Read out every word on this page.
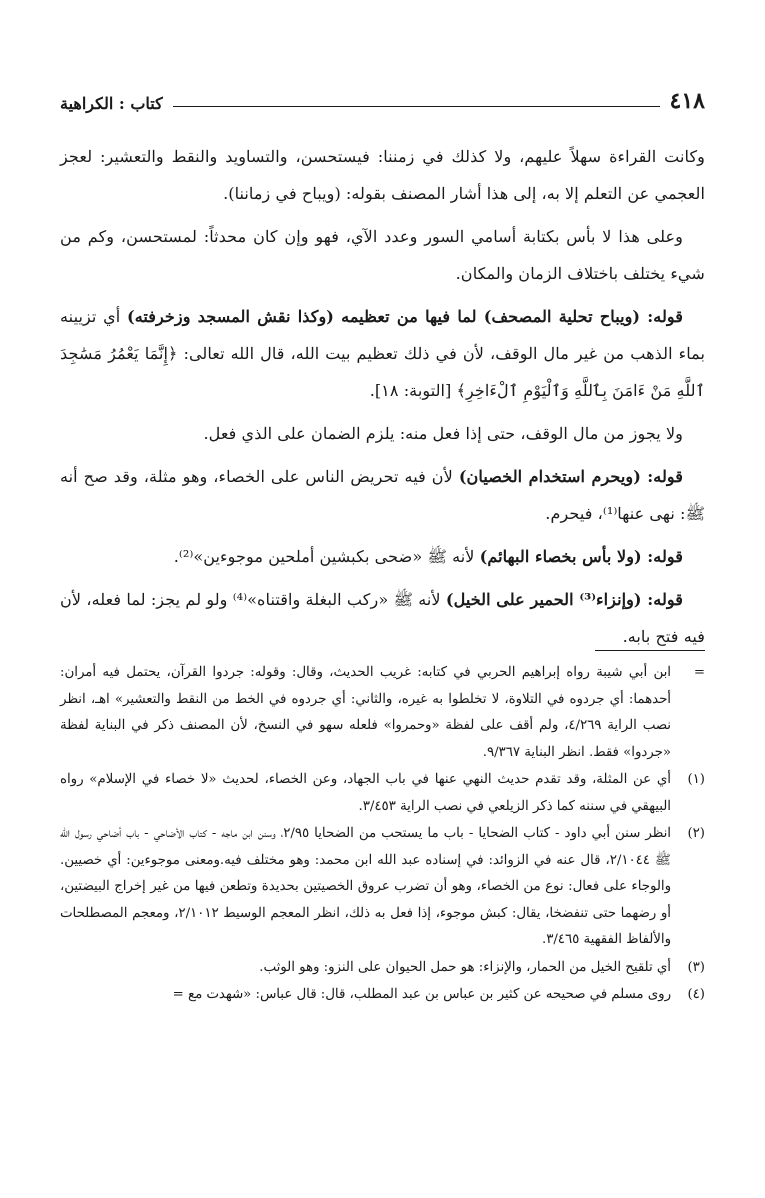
٤١٨
كتاب : الكراهية

وكانت القراءة سهلاً عليهم، ولا كذلك في زمننا: فيستحسن، والتساويد والنقط والتعشير: لعجز العجمي عن التعلم إلا به، إلى هذا أشار المصنف بقوله: (ويباح في زماننا).

وعلى هذا لا بأس بكتابة أسامي السور وعدد الآي، فهو وإن كان محدثاً: لمستحسن، وكم من شيء يختلف باختلاف الزمان والمكان.

قوله: (ويباح تحلية المصحف) لما فيها من تعظيمه (وكذا نقش المسجد وزخرفته) أي تزيينه بماء الذهب من غير مال الوقف، لأن في ذلك تعظيم بيت الله، قال الله تعالى: ﴿إِنَّمَا يَعْمُرُ مَسَٰجِدَ ٱللَّهِ مَنْ ءَامَنَ بِٱللَّهِ وَٱلْيَوْمِ ٱلْءَاخِرِ﴾ [التوبة: ١٨].

ولا يجوز من مال الوقف، حتى إذا فعل منه: يلزم الضمان على الذي فعل.

قوله: (ويحرم استخدام الخصيان) لأن فيه تحريض الناس على الخصاء، وهو مثلة، وقد صح أنه ﷺ: نهى عنها⁽¹⁾، فيحرم.

قوله: (ولا بأس بخصاء البهائم) لأنه ﷺ «ضحى بكبشين أملحين موجوءين»⁽²⁾.

قوله: (وإنزاء⁽³⁾ الحمير على الخيل) لأنه ﷺ «ركب البغلة واقتناه»⁽⁴⁾ ولو لم يجز: لما فعله، لأن فيه فتح بابه.

=
ابن أبي شيبة رواه إبراهيم الحربي في كتابه: غريب الحديث، وقال: وقوله: جردوا القرآن، يحتمل فيه أمران: أحدهما: أي جردوه في التلاوة، لا تخلطوا به غيره، والثاني: أي جردوه في الخط من النقط والتعشير» اهـ، انظر نصب الراية ٤/٢٦٩، ولم أقف على لفظة «وحمروا» فلعله سهو في النسخ، لأن المصنف ذكر في البناية لفظة «جردوا» فقط. انظر البناية ٩/٣٦٧.
(١)
أي عن المثلة، وقد تقدم حديث النهي عنها في باب الجهاد، وعن الخصاء، لحديث «لا خصاء في الإسلام» رواه البيهقي في سننه كما ذكر الزيلعي في نصب الراية ٣/٤٥٣.
(٢)
انظر سنن أبي داود - كتاب الضحايا - باب ما يستحب من الضحايا ٢/٩٥، وسنن ابن ماجه - كتاب الأضاحي - باب أضاحي رسول الله ﷺ ٢/١٠٤٤، قال عنه في الزوائد: في إسناده عبد الله ابن محمد: وهو مختلف فيه.ومعنى موجوءين: أي خصيين. والوجاء على فعال: نوع من الخصاء، وهو أن تضرب عروق الخصيتين بحديدة وتطعن فيها من غير إخراج البيضتين، أو رضهما حتى تنفضخا، يقال: كبش موجوء، إذا فعل به ذلك، انظر المعجم الوسيط ٢/١٠١٢، ومعجم المصطلحات والألفاظ الفقهية ٣/٤٦٥.
(٣)
أي تلقيح الخيل من الحمار، والإنزاء: هو حمل الحيوان على النزو: وهو الوثب.
(٤)
روى مسلم في صحيحه عن كثير بن عباس بن عبد المطلب، قال: قال عباس: «شهدت مع =
